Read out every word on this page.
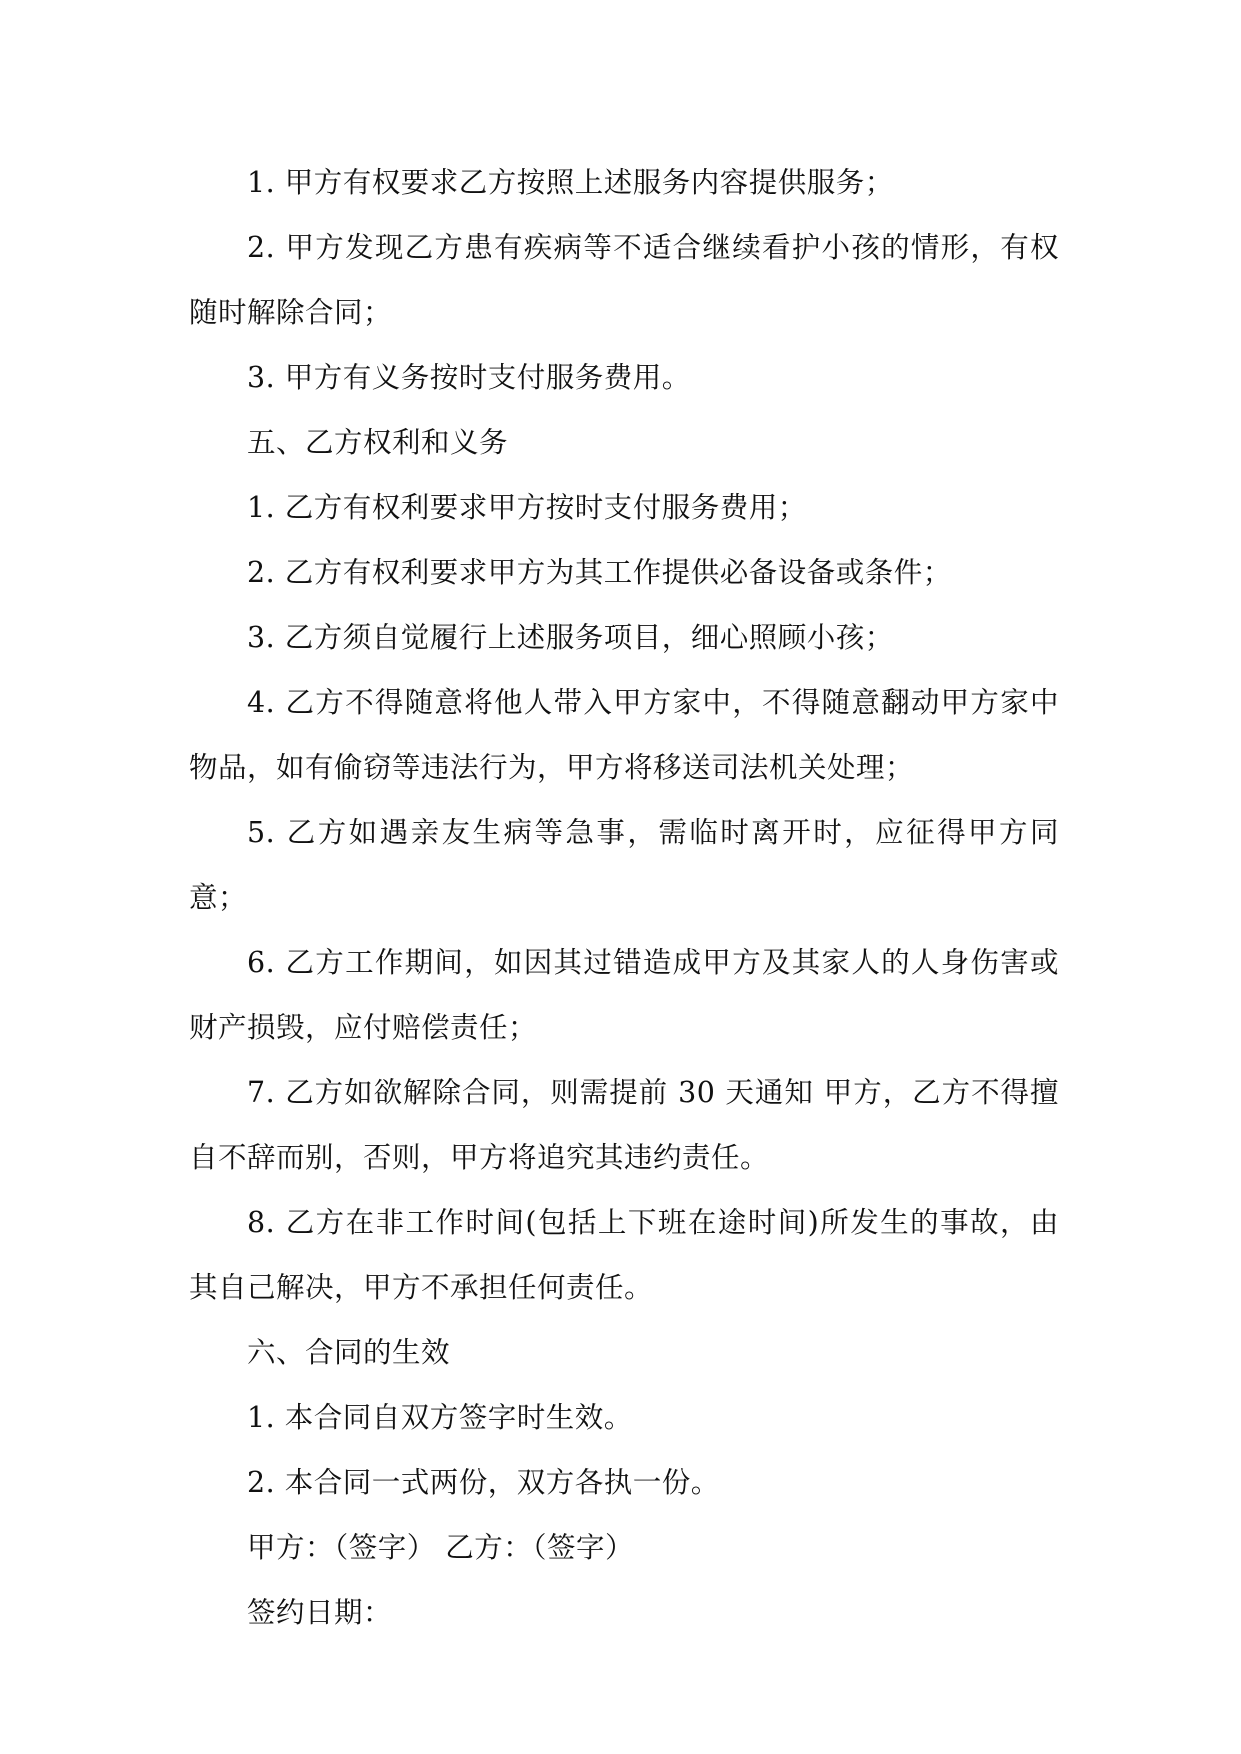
1. 甲方有权要求乙方按照上述服务内容提供服务；

2. 甲方发现乙方患有疾病等不适合继续看护小孩的情形，有权随时解除合同；

3. 甲方有义务按时支付服务费用。

五、乙方权利和义务

1. 乙方有权利要求甲方按时支付服务费用；

2. 乙方有权利要求甲方为其工作提供必备设备或条件；

3. 乙方须自觉履行上述服务项目，细心照顾小孩；

4. 乙方不得随意将他人带入甲方家中，不得随意翻动甲方家中物品，如有偷窃等违法行为，甲方将移送司法机关处理；

5. 乙方如遇亲友生病等急事，需临时离开时，应征得甲方同意；

6. 乙方工作期间，如因其过错造成甲方及其家人的人身伤害或财产损毁，应付赔偿责任；

7. 乙方如欲解除合同，则需提前 30 天通知 甲方，乙方不得擅自不辞而别，否则，甲方将追究其违约责任。

8. 乙方在非工作时间(包括上下班在途时间)所发生的事故，由其自己解决，甲方不承担任何责任。

六、合同的生效

1. 本合同自双方签字时生效。

2. 本合同一式两份，双方各执一份。

甲方：（签字） 乙方：（签字）

签约日期：
